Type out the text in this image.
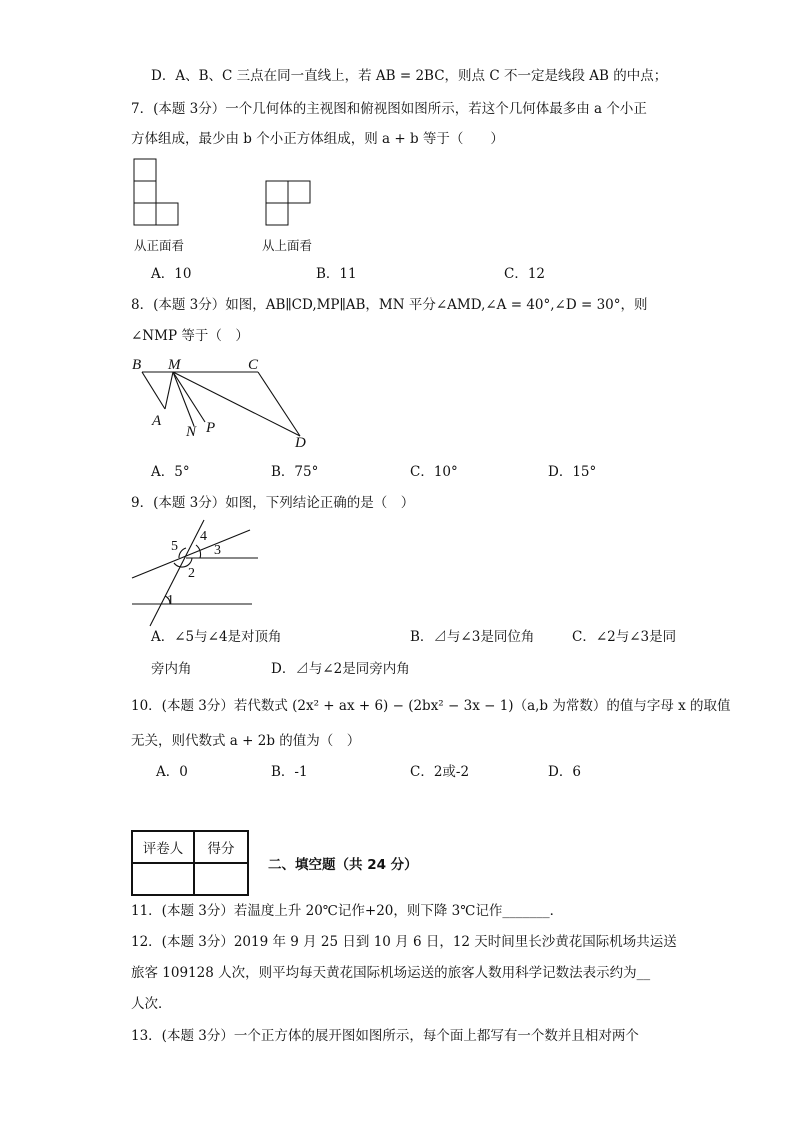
D．A、B、C 三点在同一直线上，若 AB = 2BC，则点 C 不一定是线段 AB 的中点；
7．(本题 3分）一个几何体的主视图和俯视图如图所示，若这个几何体最多由 a 个小正
方体组成，最少由 b 个小正方体组成，则 a + b 等于（　　）
从正面看	从上面看
A．10	B．11	C．12
8．(本题 3分）如图，AB∥CD,MP∥AB，MN 平分∠AMD,∠A = 40°,∠D = 30°，则
∠NMP 等于（　）
B M	C
A
N P
D
A．5°	B．75°	C．10°	D．15°
9．(本题 3分）如图，下列结论正确的是（　）
1
2
3
4
5
A．∠5与∠4是对顶角	B．⊿与∠3是同位角	C．∠2与∠3是同
旁内角	D．⊿与∠2是同旁内角
10．(本题 3分）若代数式 (2x² + ax + 6) − (2bx² − 3x − 1)（a,b 为常数）的值与字母 x 的取值
无关，则代数式 a + 2b 的值为（　）
A．0	B．-1	C．2或-2	D．6
评卷人	得分

二、填空题（共 24 分）
11．(本题 3分）若温度上升 20℃记作+20，则下降 3℃记作_______．
12．(本题 3分）2019 年 9 月 25 日到 10 月 6 日，12 天时间里长沙黄花国际机场共运送
旅客 109128 人次，则平均每天黄花国际机场运送的旅客人数用科学记数法表示约为__
人次．
13．(本题 3分）一个正方体的展开图如图所示，每个面上都写有一个数并且相对两个
